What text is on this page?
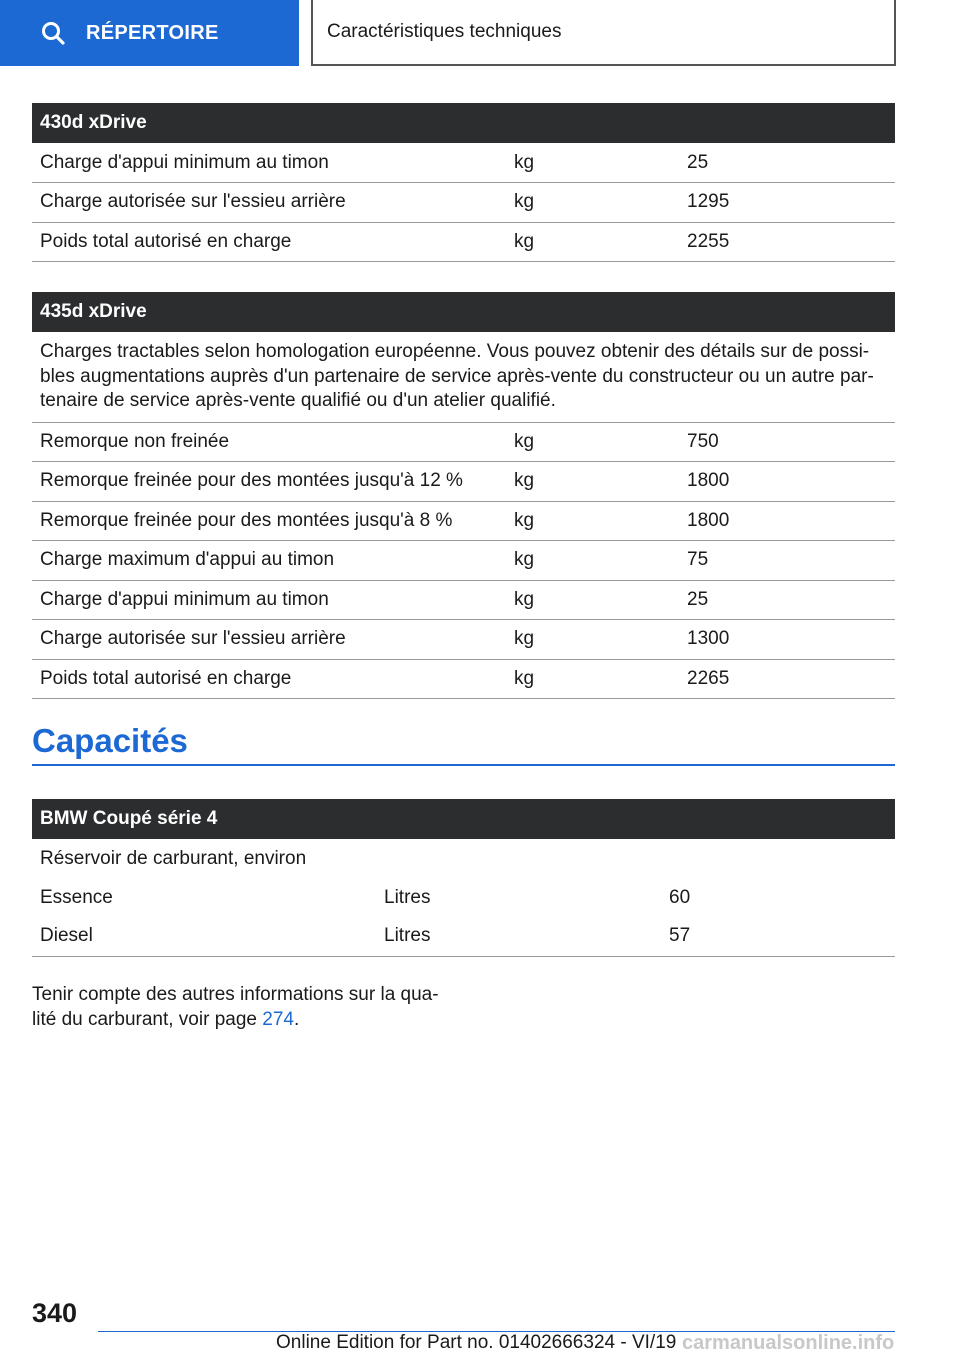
RÉPERTOIRE	Caractéristiques techniques
430d xDrive		
Charge d'appui minimum au timon	kg	25
Charge autorisée sur l'essieu arrière	kg	1295
Poids total autorisé en charge	kg	2255
435d xDrive		
Charges tractables selon homologation européenne. Vous pouvez obtenir des détails sur de possi-bles augmentations auprès d'un partenaire de service après-vente du constructeur ou un autre par-tenaire de service après-vente qualifié ou d'un atelier qualifié.		
Remorque non freinée	kg	750
Remorque freinée pour des montées jusqu'à 12 %	kg	1800
Remorque freinée pour des montées jusqu'à 8 %	kg	1800
Charge maximum d'appui au timon	kg	75
Charge d'appui minimum au timon	kg	25
Charge autorisée sur l'essieu arrière	kg	1300
Poids total autorisé en charge	kg	2265
Capacités
BMW Coupé série 4		
Réservoir de carburant, environ		
Essence	Litres	60
Diesel	Litres	57

Tenir compte des autres informations sur la qua-lité du carburant, voir page 274.

340
Online Edition for Part no. 01402666324 - VI/19 carmanualsonline.info
